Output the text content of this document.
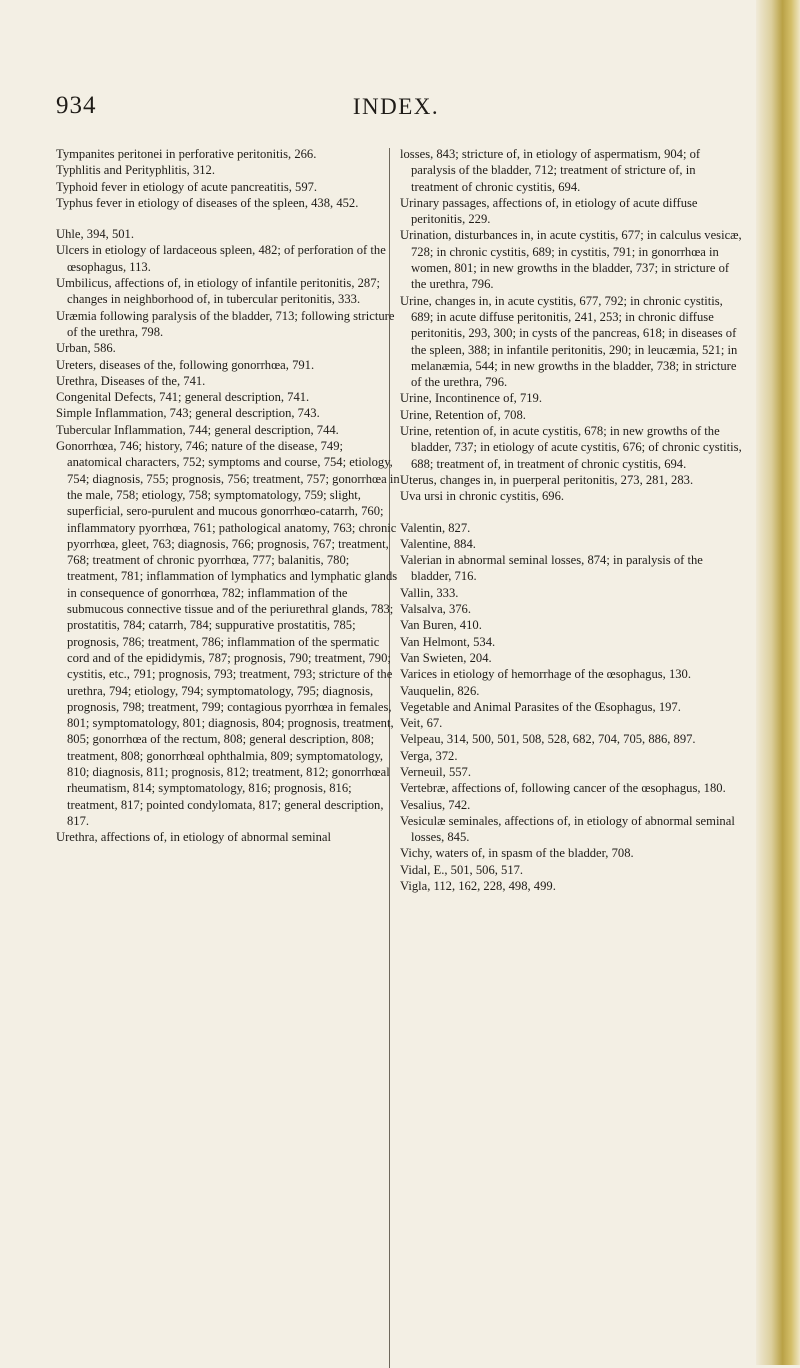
934	INDEX.

Tympanites peritonei in perforative peritonitis, 266.

Typhlitis and Perityphlitis, 312.

Typhoid fever in etiology of acute pancreatitis, 597.

Typhus fever in etiology of diseases of the spleen, 438, 452.

Uhle, 394, 501.

Ulcers in etiology of lardaceous spleen, 482; of perforation of the œsophagus, 113.

Umbilicus, affections of, in etiology of infantile peritonitis, 287; changes in neighborhood of, in tubercular peritonitis, 333.

Uræmia following paralysis of the bladder, 713; following stricture of the urethra, 798.

Urban, 586.

Ureters, diseases of the, following gonorrhœa, 791.

Urethra, Diseases of the, 741.

Congenital Defects, 741; general description, 741.

Simple Inflammation, 743; general description, 743.

Tubercular Inflammation, 744; general description, 744.

Gonorrhœa, 746; history, 746; nature of the disease, 749; anatomical characters, 752; symptoms and course, 754; etiology, 754; diagnosis, 755; prognosis, 756; treatment, 757; gonorrhœa in the male, 758; etiology, 758; symptomatology, 759; slight, superficial, sero-purulent and mucous gonorrhœo-catarrh, 760; inflammatory pyorrhœa, 761; pathological anatomy, 763; chronic pyorrhœa, gleet, 763; diagnosis, 766; prognosis, 767; treatment, 768; treatment of chronic pyorrhœa, 777; balanitis, 780; treatment, 781; inflammation of lymphatics and lymphatic glands in consequence of gonorrhœa, 782; inflammation of the submucous connective tissue and of the periurethral glands, 783; prostatitis, 784; catarrh, 784; suppurative prostatitis, 785; prognosis, 786; treatment, 786; inflammation of the spermatic cord and of the epididymis, 787; prognosis, 790; treatment, 790; cystitis, etc., 791; prognosis, 793; treatment, 793; stricture of the urethra, 794; etiology, 794; symptomatology, 795; diagnosis, prognosis, 798; treatment, 799; contagious pyorrhœa in females, 801; symptomatology, 801; diagnosis, 804; prognosis, treatment, 805; gonorrhœa of the rectum, 808; general description, 808; treatment, 808; gonorrhœal ophthalmia, 809; symptomatology, 810; diagnosis, 811; prognosis, 812; treatment, 812; gonorrhœal rheumatism, 814; symptomatology, 816; prognosis, 816; treatment, 817; pointed condylomata, 817; general description, 817.

Urethra, affections of, in etiology of abnormal seminal

losses, 843; stricture of, in etiology of aspermatism, 904; of paralysis of the bladder, 712; treatment of stricture of, in treatment of chronic cystitis, 694.

Urinary passages, affections of, in etiology of acute diffuse peritonitis, 229.

Urination, disturbances in, in acute cystitis, 677; in calculus vesicæ, 728; in chronic cystitis, 689; in cystitis, 791; in gonorrhœa in women, 801; in new growths in the bladder, 737; in stricture of the urethra, 796.

Urine, changes in, in acute cystitis, 677, 792; in chronic cystitis, 689; in acute diffuse peritonitis, 241, 253; in chronic diffuse peritonitis, 293, 300; in cysts of the pancreas, 618; in diseases of the spleen, 388; in infantile peritonitis, 290; in leucæmia, 521; in melanæmia, 544; in new growths in the bladder, 738; in stricture of the urethra, 796.

Urine, Incontinence of, 719.

Urine, Retention of, 708.

Urine, retention of, in acute cystitis, 678; in new growths of the bladder, 737; in etiology of acute cystitis, 676; of chronic cystitis, 688; treatment of, in treatment of chronic cystitis, 694.

Uterus, changes in, in puerperal peritonitis, 273, 281, 283.

Uva ursi in chronic cystitis, 696.

Valentin, 827.

Valentine, 884.

Valerian in abnormal seminal losses, 874; in paralysis of the bladder, 716.

Vallin, 333.

Valsalva, 376.

Van Buren, 410.

Van Helmont, 534.

Van Swieten, 204.

Varices in etiology of hemorrhage of the œsophagus, 130.

Vauquelin, 826.

Vegetable and Animal Parasites of the Œsophagus, 197.

Veit, 67.

Velpeau, 314, 500, 501, 508, 528, 682, 704, 705, 886, 897.

Verga, 372.

Verneuil, 557.

Vertebræ, affections of, following cancer of the œsophagus, 180.

Vesalius, 742.

Vesiculæ seminales, affections of, in etiology of abnormal seminal losses, 845.

Vichy, waters of, in spasm of the bladder, 708.

Vidal, E., 501, 506, 517.

Vigla, 112, 162, 228, 498, 499.
